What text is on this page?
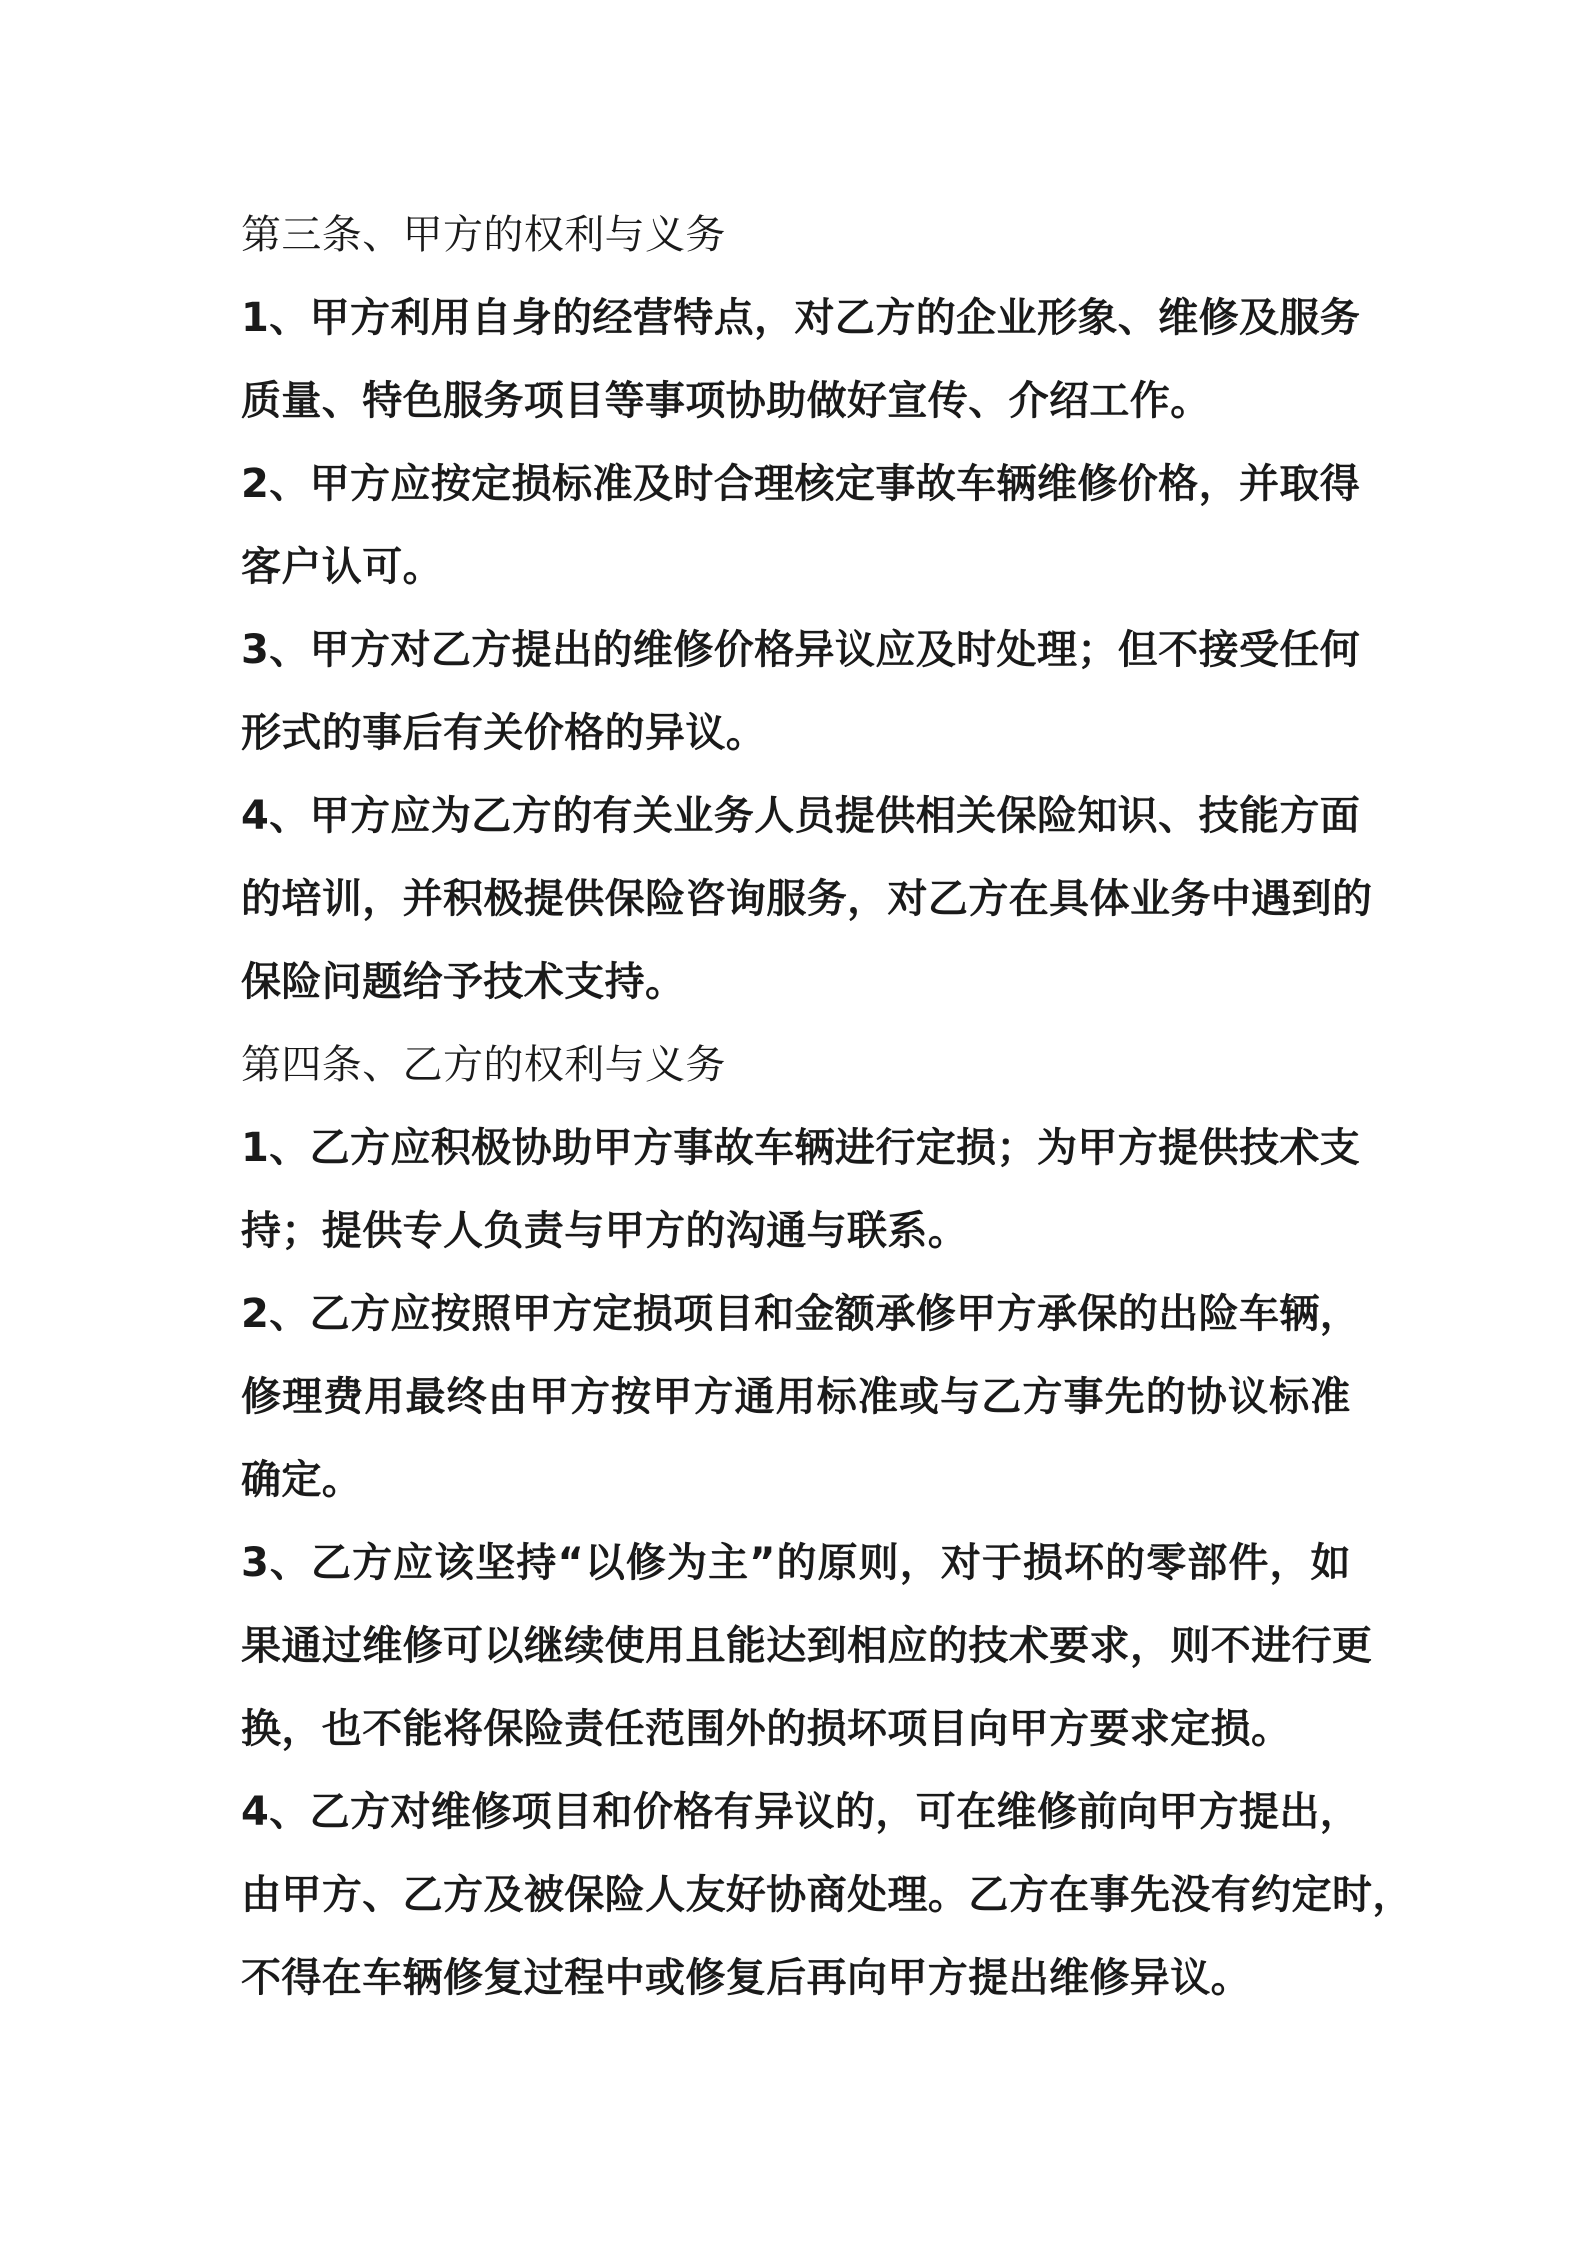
第三条、甲方的权利与义务
1 、 甲 方 利 用 自 身 的 经 营 特 点 ， 对 乙 方 的 企 业 形 象 、 维 修 及 服 务
质量、特色服务项目等事项协助做好宣传、介绍工作。
2 、 甲 方 应 按 定 损 标 准 及 时 合 理 核 定 事 故 车 辆 维 修 价 格 ， 并 取 得
客户认可。
3 、 甲 方 对 乙 方 提 出 的 维 修 价 格 异 议 应 及 时 处 理 ； 但 不 接 受 任 何
形式的事后有关价格的异议。
4 、 甲 方 应 为 乙 方 的 有 关 业 务 人 员 提 供 相 关 保 险 知 识 、 技 能 方 面
的 培 训 ， 并 积 极 提 供 保 险 咨 询 服 务 ， 对 乙 方 在 具 体 业 务 中 遇 到 的
保险问题给予技术支持。
第四条、乙方的权利与义务
1 、 乙 方 应 积 极 协 助 甲 方 事 故 车 辆 进 行 定 损 ； 为 甲 方 提 供 技 术 支
持；提供专人负责与甲方的沟通与联系。
2 、 乙 方 应 按 照 甲 方 定 损 项 目 和 金 额 承 修 甲 方 承 保 的 出 险 车 辆 ，
修 理 费 用 最 终 由 甲 方 按 甲 方 通 用 标 准 或 与 乙 方 事 先 的 协 议 标 准
确定。
3 、 乙 方 应 该 坚 持 “ 以 修 为 主 ” 的 原 则 ， 对 于 损 坏 的 零 部 件 ， 如
果 通 过 维 修 可 以 继 续 使 用 且 能 达 到 相 应 的 技 术 要 求 ， 则 不 进 行 更
换，也不能将保险责任范围外的损坏项目向甲方要求定损。
4 、 乙 方 对 维 修 项 目 和 价 格 有 异 议 的 ， 可 在 维 修 前 向 甲 方 提 出 ，
由 甲 方 、 乙 方 及 被 保 险 人 友 好 协 商 处 理 。 乙 方 在 事 先 没 有 约 定 时 ，
不得在车辆修复过程中或修复后再向甲方提出维修异议。
